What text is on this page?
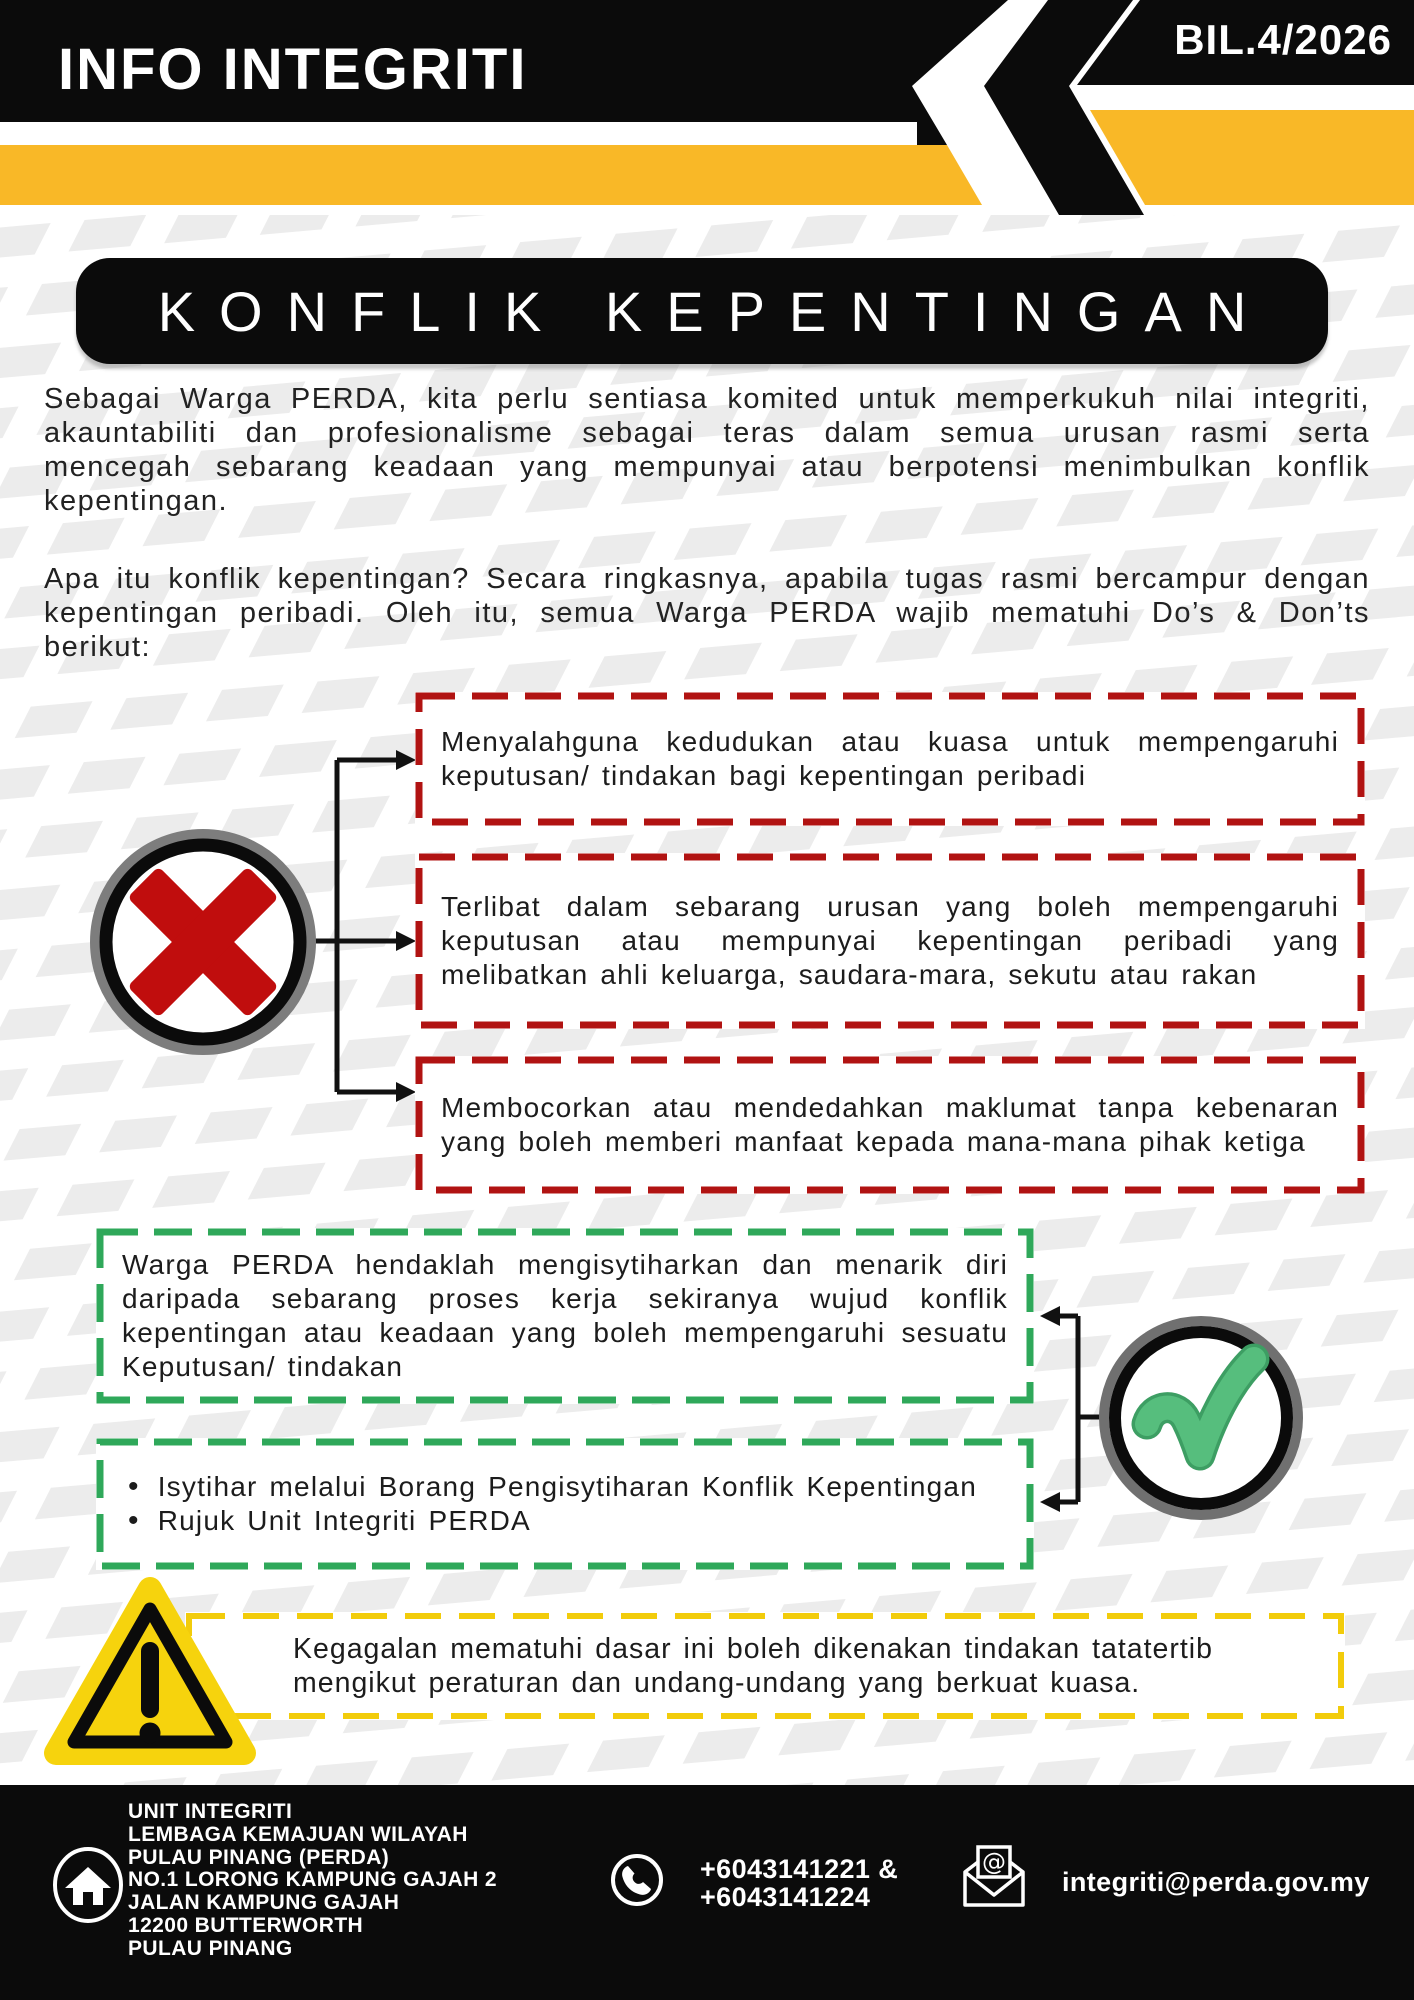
INFO INTEGRITI	BIL.4/2026
KONFLIK KEPENTINGAN

Sebagai Warga PERDA, kita perlu sentiasa komited untuk memperkukuh nilai integriti, akauntabiliti dan profesionalisme sebagai teras dalam semua urusan rasmi serta mencegah sebarang keadaan yang mempunyai atau berpotensi menimbulkan konflik kepentingan.

Apa itu konflik kepentingan? Secara ringkasnya, apabila tugas rasmi bercampur dengan kepentingan peribadi. Oleh itu, semua Warga PERDA wajib mematuhi Do’s & Don’ts berikut:

Menyalahguna kedudukan atau kuasa untuk mempengaruhi keputusan/ tindakan bagi kepentingan peribadi
Terlibat dalam sebarang urusan yang boleh mempengaruhi keputusan atau mempunyai kepentingan peribadi yang melibatkan ahli keluarga, saudara-mara, sekutu atau rakan
Membocorkan atau mendedahkan maklumat tanpa kebenaran yang boleh memberi manfaat kepada mana-mana pihak ketiga
Warga PERDA hendaklah mengisytiharkan dan menarik diri daripada sebarang proses kerja sekiranya wujud konflik kepentingan atau keadaan yang boleh mempengaruhi sesuatu Keputusan/ tindakan
• Isytihar melalui Borang Pengisytiharan Konflik Kepentingan
• Rujuk Unit Integriti PERDA
Kegagalan mematuhi dasar ini boleh dikenakan tindakan tatatertib mengikut peraturan dan undang-undang yang berkuat kuasa.
UNIT INTEGRITI
LEMBAGA KEMAJUAN WILAYAH
PULAU PINANG (PERDA)
NO.1 LORONG KAMPUNG GAJAH 2
JALAN KAMPUNG GAJAH
12200 BUTTERWORTH
PULAU PINANG
+6043141221 &
+6043141224
@
integriti@perda.gov.my
